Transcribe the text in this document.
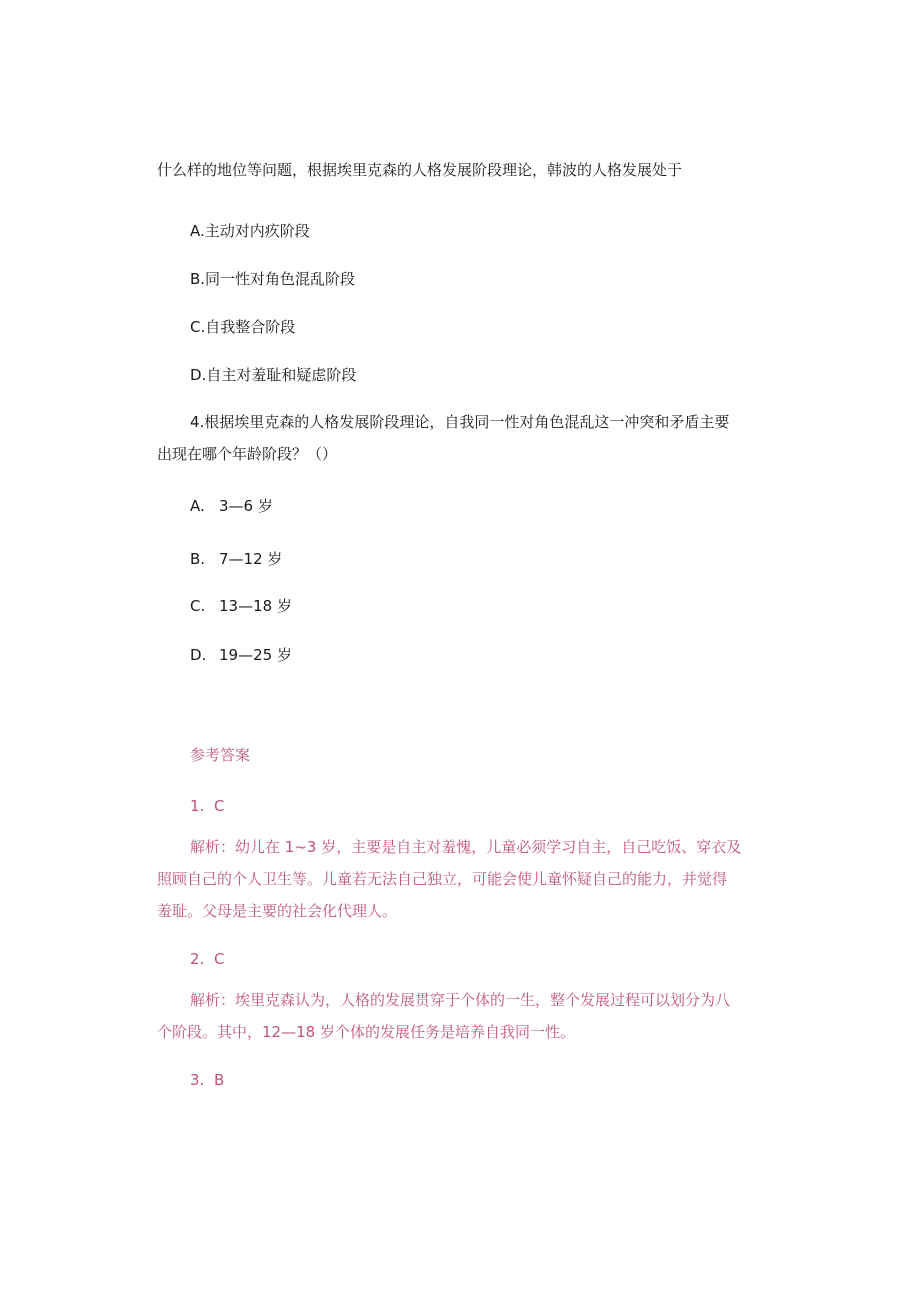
什么样的地位等问题，根据埃里克森的人格发展阶段理论，韩波的人格发展处于

A.主动对内疚阶段

B.同一性对角色混乱阶段

C.自我整合阶段

D.自主对羞耻和疑虑阶段

4.根据埃里克森的人格发展阶段理论，自我同一性对角色混乱这一冲突和矛盾主要

出现在哪个年龄阶段？（）

A. 3—6 岁

B. 7—12 岁

C. 13—18 岁

D. 19—25 岁

参考答案

1. C

解析：幼儿在 1~3 岁，主要是自主对羞愧，儿童必须学习自主，自己吃饭、穿衣及

照顾自己的个人卫生等。儿童若无法自己独立，可能会使儿童怀疑自己的能力，并觉得

羞耻。父母是主要的社会化代理人。

2. C

解析：埃里克森认为，人格的发展贯穿于个体的一生，整个发展过程可以划分为八

个阶段。其中，12—18 岁个体的发展任务是培养自我同一性。

3. B
